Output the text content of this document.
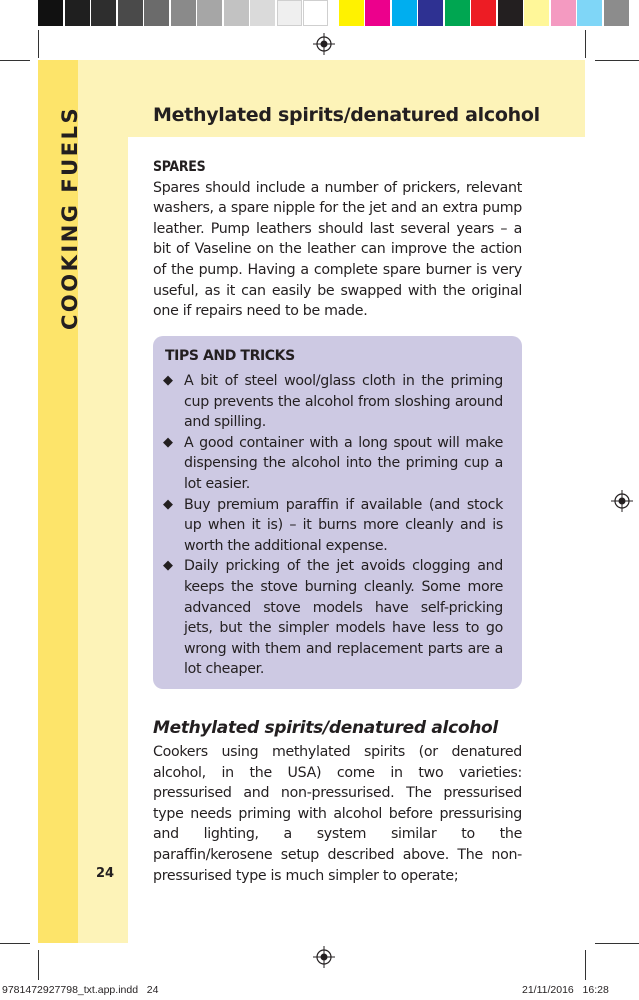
COOKING FUELS
24
Methylated spirits/denatured alcohol
SPARES

Spares should include a number of prickers, relevant washers, a spare nipple for the jet and an extra pump leather. Pump leathers should last several years – a bit of Vaseline on the leather can improve the action of the pump. Having a complete spare burner is very useful, as it can easily be swapped with the original one if repairs need to be made.

TIPS AND TRICKS
◆ A bit of steel wool/glass cloth in the priming cup prevents the alcohol from sloshing around and spilling.
◆ A good container with a long spout will make dispensing the alcohol into the priming cup a lot easier.
◆ Buy premium paraffin if available (and stock up when it is) – it burns more cleanly and is worth the additional expense.
◆ Daily pricking of the jet avoids clogging and keeps the stove burning cleanly. Some more advanced stove models have self-pricking jets, but the simpler models have less to go wrong with them and replacement parts are a lot cheaper.
Methylated spirits/denatured alcohol

Cookers using methylated spirits (or denatured alcohol, in the USA) come in two varieties: pressurised and non-pressurised. The pressurised type needs priming with alcohol before pressurising and lighting, a system similar to the paraffin/kerosene setup described above. The non-pressurised type is much simpler to operate;

9781472927798_txt.app.indd   24	21/11/2016   16:28
